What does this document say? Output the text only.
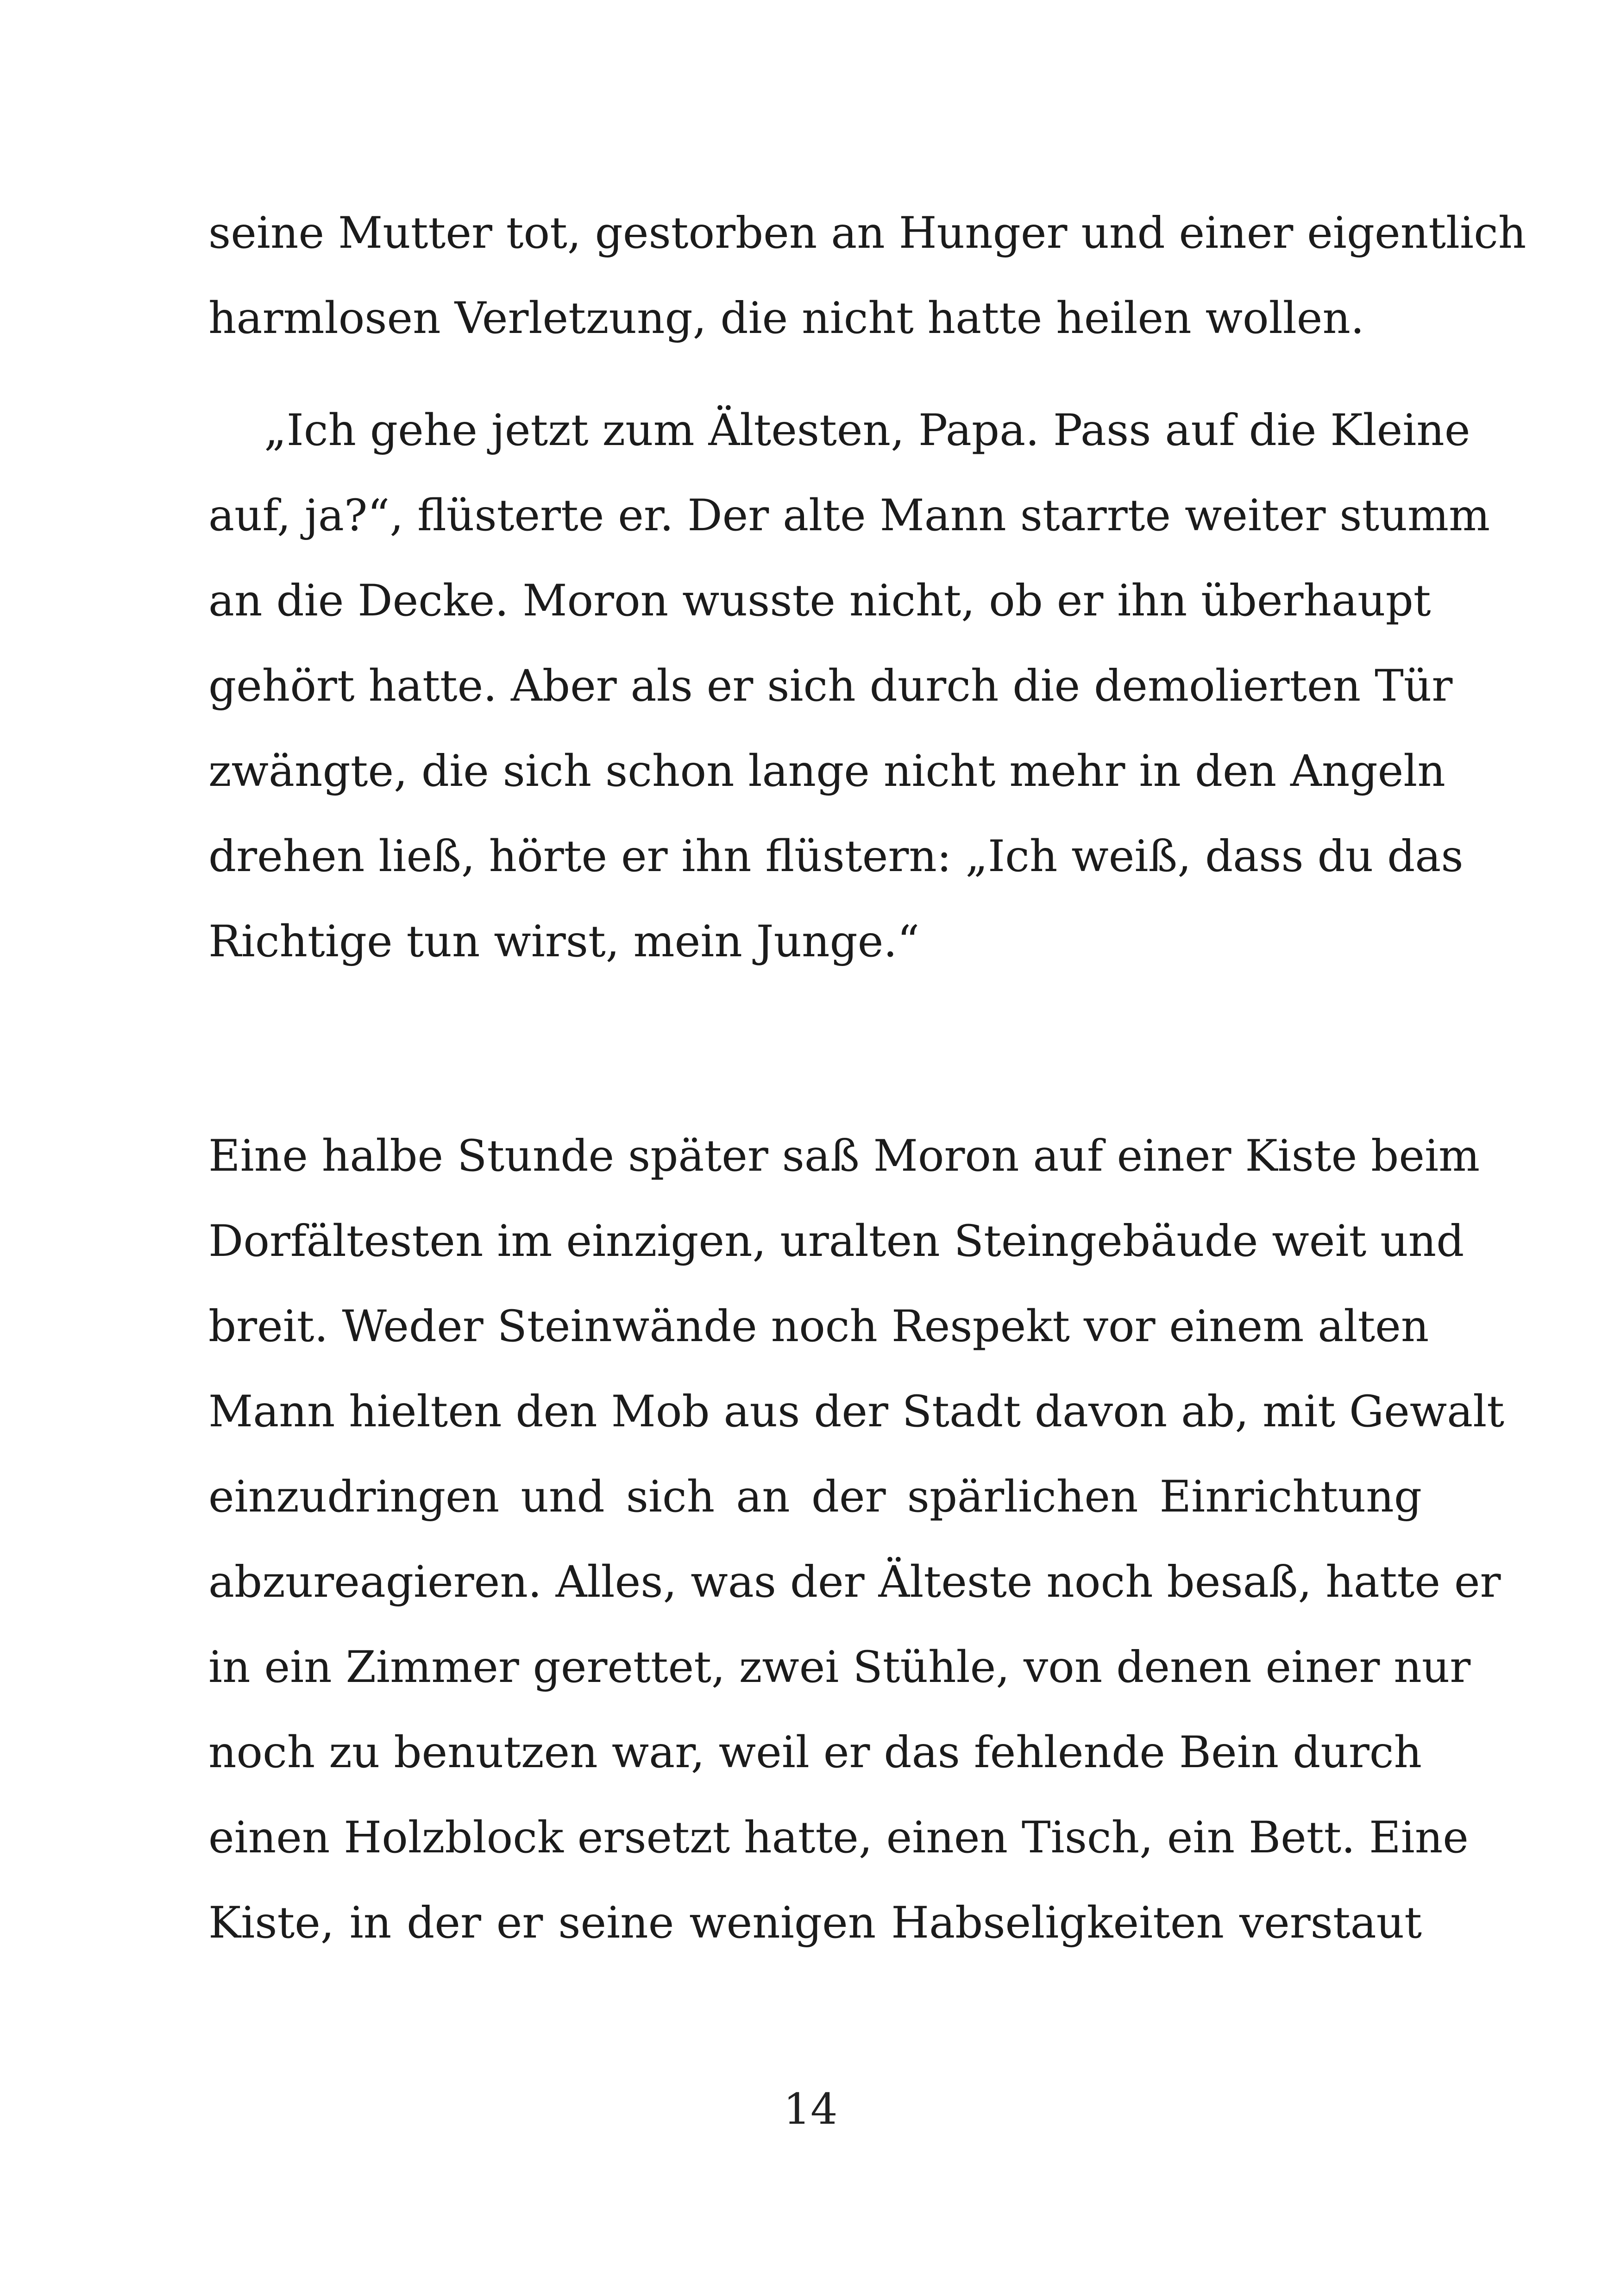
seine Mutter tot, gestorben an Hunger und einer eigentlich
harmlosen Verletzung, die nicht hatte heilen wollen.
„Ich gehe jetzt zum Ältesten, Papa. Pass auf die Kleine
auf, ja?“, flüsterte er. Der alte Mann starrte weiter stumm
an die Decke. Moron wusste nicht, ob er ihn überhaupt
gehört hatte. Aber als er sich durch die demolierten Tür
zwängte, die sich schon lange nicht mehr in den Angeln
drehen ließ, hörte er ihn flüstern: „Ich weiß, dass du das
Richtige tun wirst, mein Junge.“
Eine halbe Stunde später saß Moron auf einer Kiste beim
Dorfältesten im einzigen, uralten Steingebäude weit und
breit. Weder Steinwände noch Respekt vor einem alten
Mann hielten den Mob aus der Stadt davon ab, mit Gewalt
einzudringen und sich an der spärlichen Einrichtung
abzureagieren. Alles, was der Älteste noch besaß, hatte er
in ein Zimmer gerettet, zwei Stühle, von denen einer nur
noch zu benutzen war, weil er das fehlende Bein durch
einen Holzblock ersetzt hatte, einen Tisch, ein Bett. Eine
Kiste, in der er seine wenigen Habseligkeiten verstaut
14
